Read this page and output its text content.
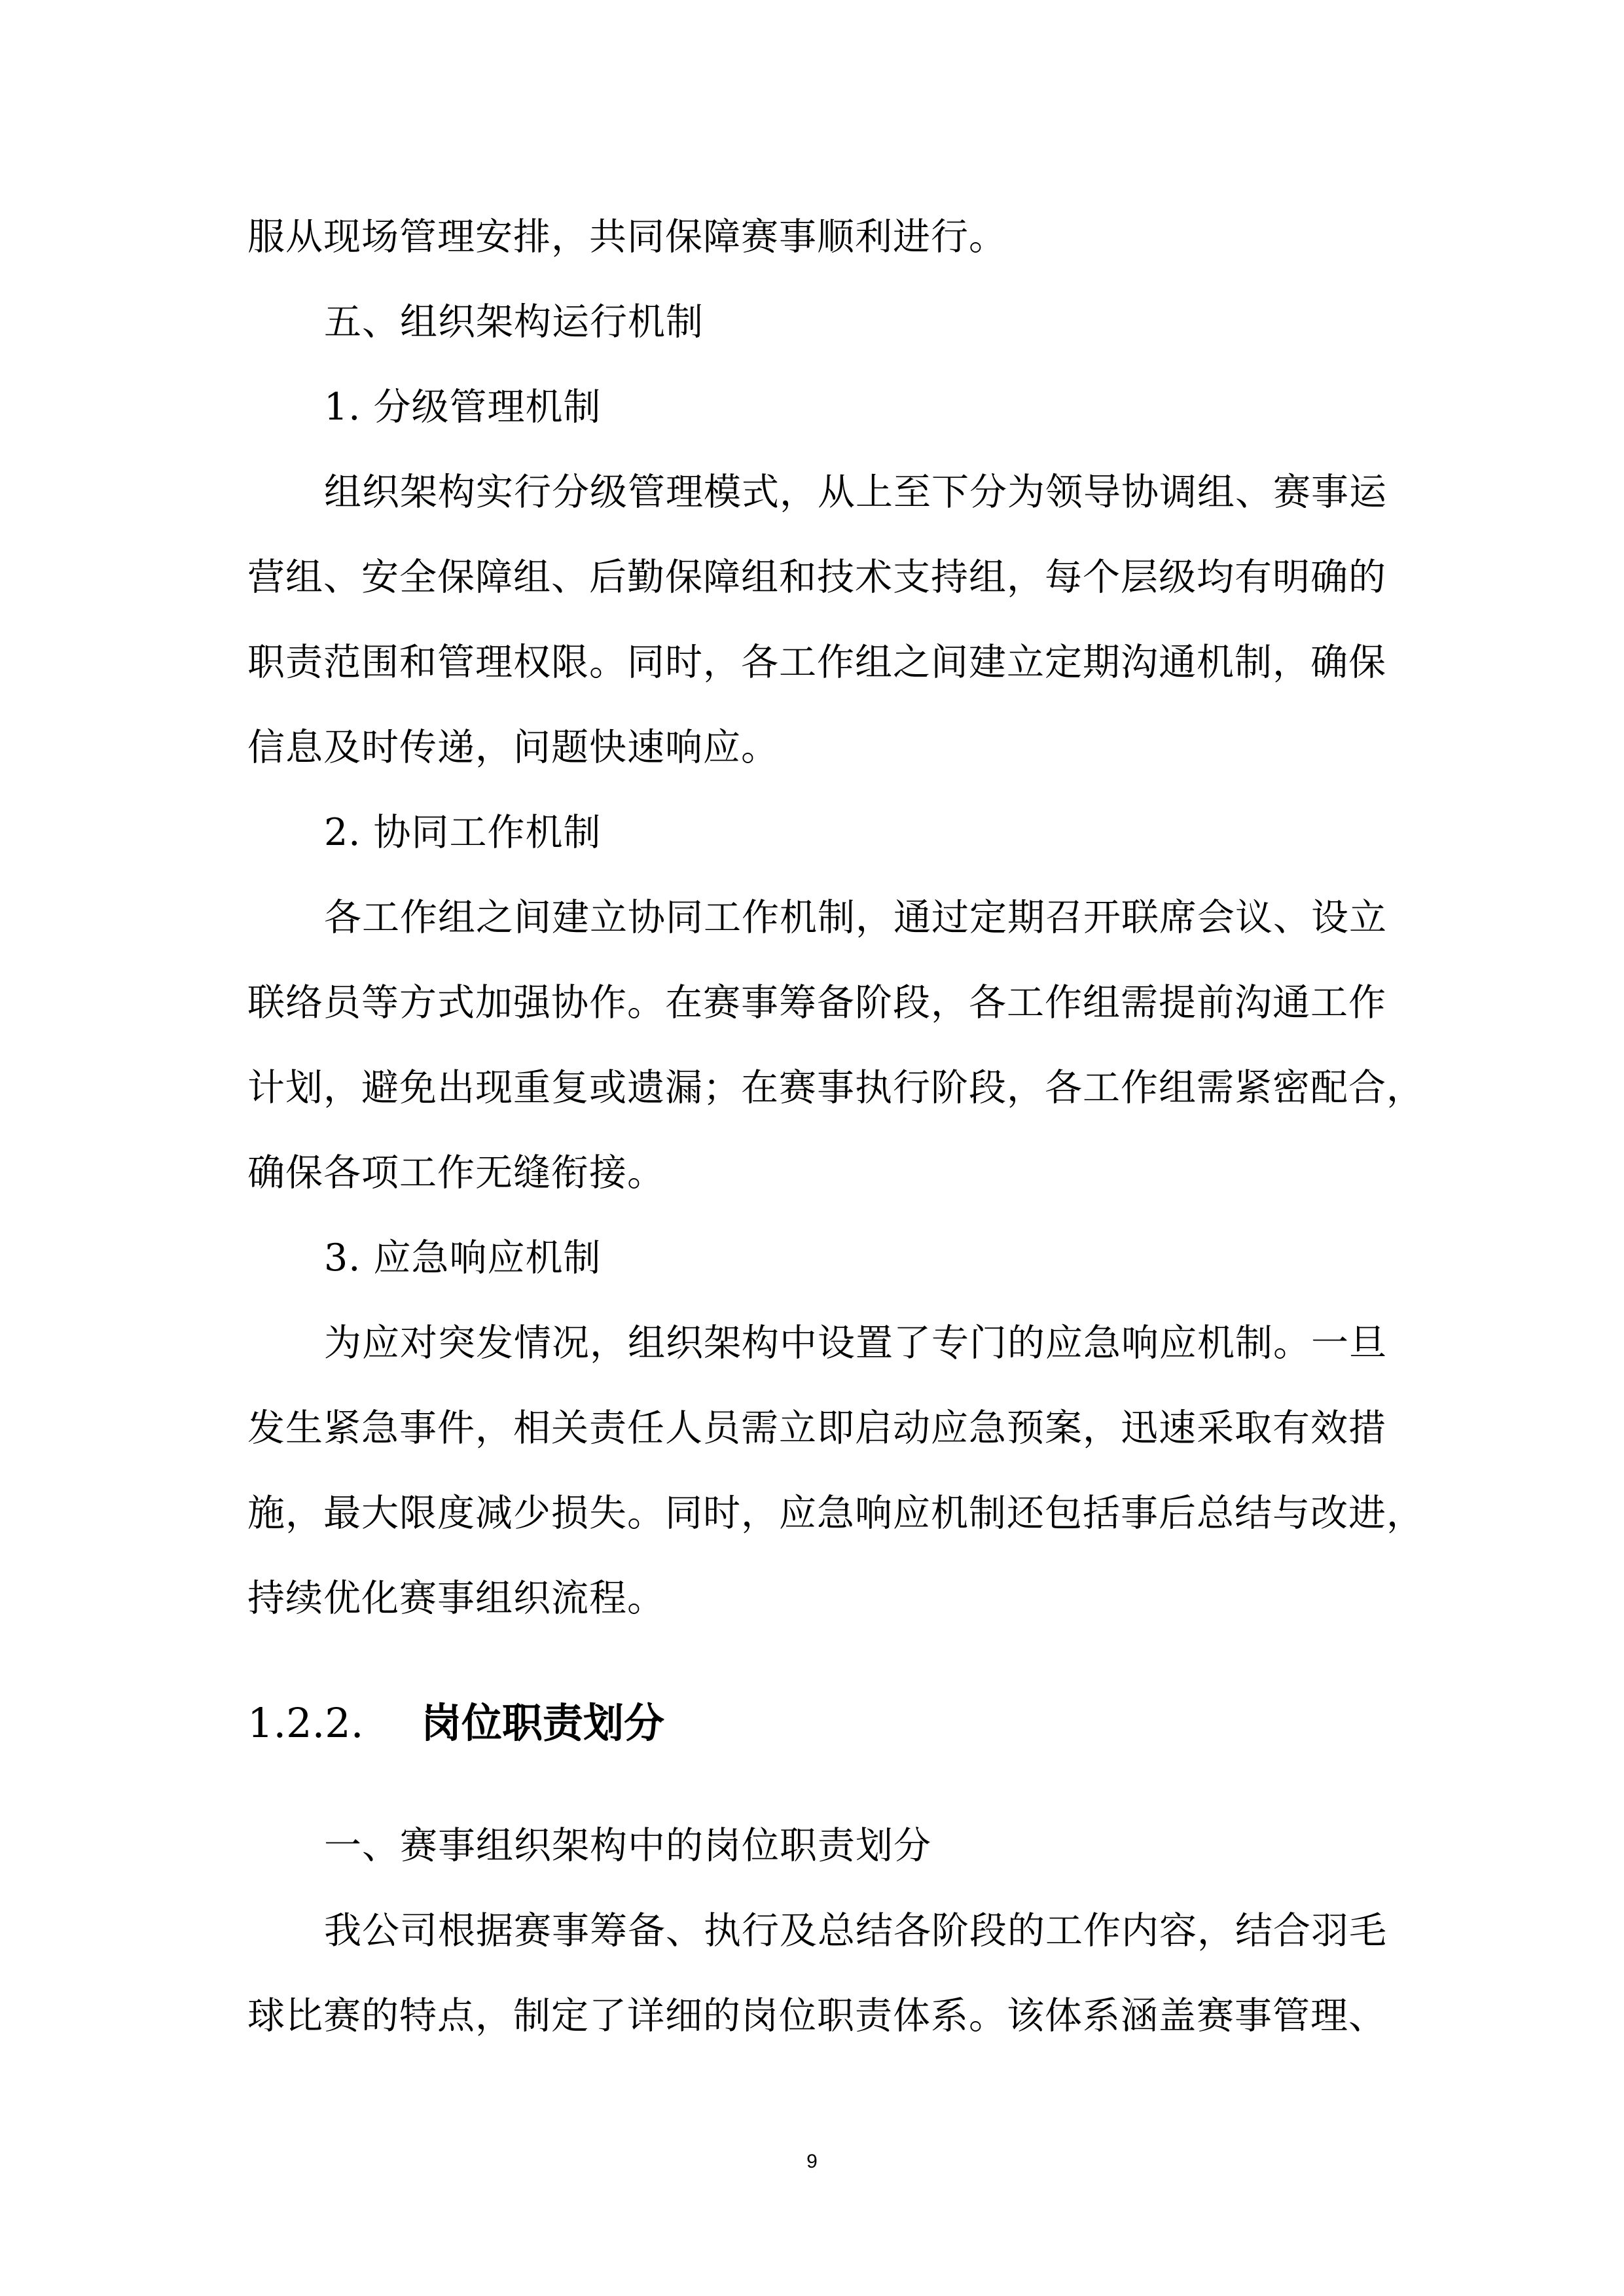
服从现场管理安排，共同保障赛事顺利进行。
五、组织架构运行机制
1. 分级管理机制
组织架构实行分级管理模式，从上至下分为领导协调组、赛事运
营组、安全保障组、后勤保障组和技术支持组，每个层级均有明确的
职责范围和管理权限。同时，各工作组之间建立定期沟通机制，确保
信息及时传递，问题快速响应。
2. 协同工作机制
各工作组之间建立协同工作机制，通过定期召开联席会议、设立
联络员等方式加强协作。在赛事筹备阶段，各工作组需提前沟通工作
计划，避免出现重复或遗漏；在赛事执行阶段，各工作组需紧密配合，
确保各项工作无缝衔接。
3. 应急响应机制
为应对突发情况，组织架构中设置了专门的应急响应机制。一旦
发生紧急事件，相关责任人员需立即启动应急预案，迅速采取有效措
施，最大限度减少损失。同时，应急响应机制还包括事后总结与改进，
持续优化赛事组织流程。
1.2.2. 岗位职责划分
一、赛事组织架构中的岗位职责划分
我公司根据赛事筹备、执行及总结各阶段的工作内容，结合羽毛
球比赛的特点，制定了详细的岗位职责体系。该体系涵盖赛事管理、
9
